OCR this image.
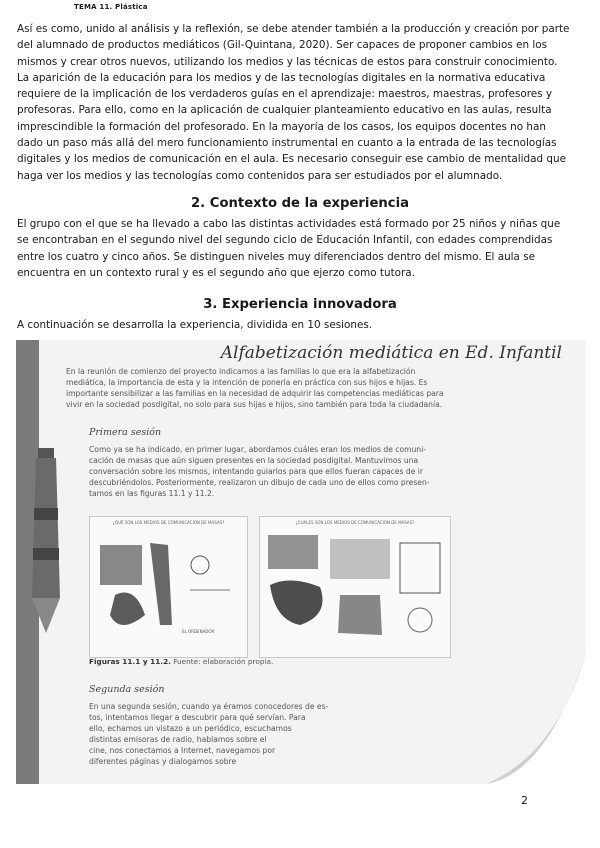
TEMA 11. Plástica
Así es como, unido al análisis y la reflexión, se debe atender también a la producción y creación por parte
del alumnado de productos mediáticos (Gil-Quintana, 2020). Ser capaces de proponer cambios en los
mismos y crear otros nuevos, utilizando los medios y las técnicas de estos para construir conocimiento.
La aparición de la educación para los medios y de las tecnologías digitales en la normativa educativa
requiere de la implicación de los verdaderos guías en el aprendizaje: maestros, maestras, profesores y
profesoras. Para ello, como en la aplicación de cualquier planteamiento educativo en las aulas, resulta
imprescindible la formación del profesorado. En la mayoría de los casos, los equipos docentes no han
dado un paso más allá del mero funcionamiento instrumental en cuanto a la entrada de las tecnologías
digitales y los medios de comunicación en el aula. Es necesario conseguir ese cambio de mentalidad que
haga ver los medios y las tecnologías como contenidos para ser estudiados por el alumnado.
2. Contexto de la experiencia
El grupo con el que se ha llevado a cabo las distintas actividades está formado por 25 niños y niñas que
se encontraban en el segundo nivel del segundo ciclo de Educación Infantil, con edades comprendidas
entre los cuatro y cinco años. Se distinguen niveles muy diferenciados dentro del mismo. El aula se
encuentra en un contexto rural y es el segundo año que ejerzo como tutora.
3. Experiencia innovadora
A continuación se desarrolla la experiencia, dividida en 10 sesiones.
Alfabetización mediática en Ed. Infantil
En la reunión de comienzo del proyecto indicamos a las familias lo que era la alfabetización
mediática, la importancia de esta y la intención de ponerla en práctica con sus hijos e hijas. Es
importante sensibilizar a las familias en la necesidad de adquirir las competencias mediáticas para
vivir en la sociedad posdigital, no solo para sus hijas e hijos, sino también para toda la ciudadanía.
Primera sesión
Como ya se ha indicado, en primer lugar, abordamos cuáles eran los medios de comuni-
cación de masas que aún siguen presentes en la sociedad posdigital. Mantuvimos una
conversación sobre los mismos, intentando guiarlos para que ellos fueran capaces de ir
descubriéndolos. Posteriormente, realizaron un dibujo de cada uno de ellos como presen-
tamos en las figuras 11.1 y 11.2.
¿QUÉ SON LOS MEDIOS DE COMUNICACIÓN DE MASAS?
EL ORDENADOR
¿CUÁLES SON LOS MEDIOS DE COMUNICACIÓN DE MASAS?
Figuras 11.1 y 11.2. Fuente: elaboración propia.
Segunda sesión
En una segunda sesión, cuando ya éramos conocedores de es-
tos, intentamos llegar a descubrir para qué servían. Para
ello, echamos un vistazo a un periódico, escuchamos
distintas emisoras de radio, hablamos sobre el
cine, nos conectamos a Internet, navegamos por
diferentes páginas y dialogamos sobre
2
